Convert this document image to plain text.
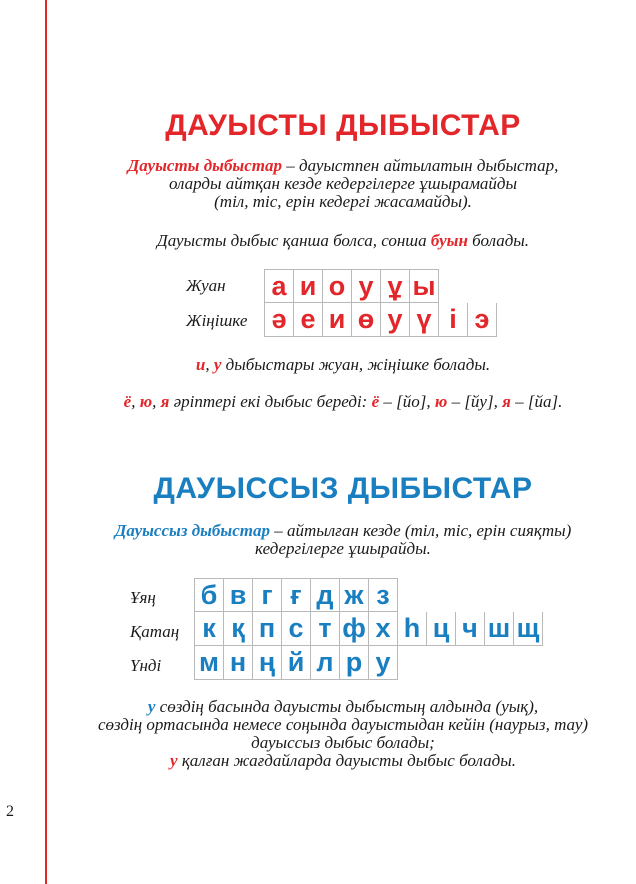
2
ДАУЫСТЫ ДЫБЫСТАР
Дауысты дыбыстар – дауыстпен айтылатын дыбыстар,
оларды айтқан кезде кедергілерге ұшырамайды
(тіл, тіс, ерін кедергі жасамайды).
Дауысты дыбыс қанша болса, сонша буын болады.
Жуан а и о у ұ ы
Жіңішке ә е и ө у ү і э
и, у дыбыстары жуан, жіңішке болады.
ё, ю, я әріптері екі дыбыс береді: ё – [йо], ю – [йу], я – [йа].
ДАУЫССЫЗ ДЫБЫСТАР
Дауыссыз дыбыстар – айтылған кезде (тіл, тіс, ерін сияқты)
кедергілерге ұшырайды.
Ұяң б в г ғ д ж з
Қатаң к қ п с т ф х һ ц ч ш щ
Үнді м н ң й л р у
у сөздің басында дауысты дыбыстың алдында (уық),
сөздің ортасында немесе соңында дауыстыдан кейін (наурыз, тау)
дауыссыз дыбыс болады;
у қалған жағдайларда дауысты дыбыс болады.
